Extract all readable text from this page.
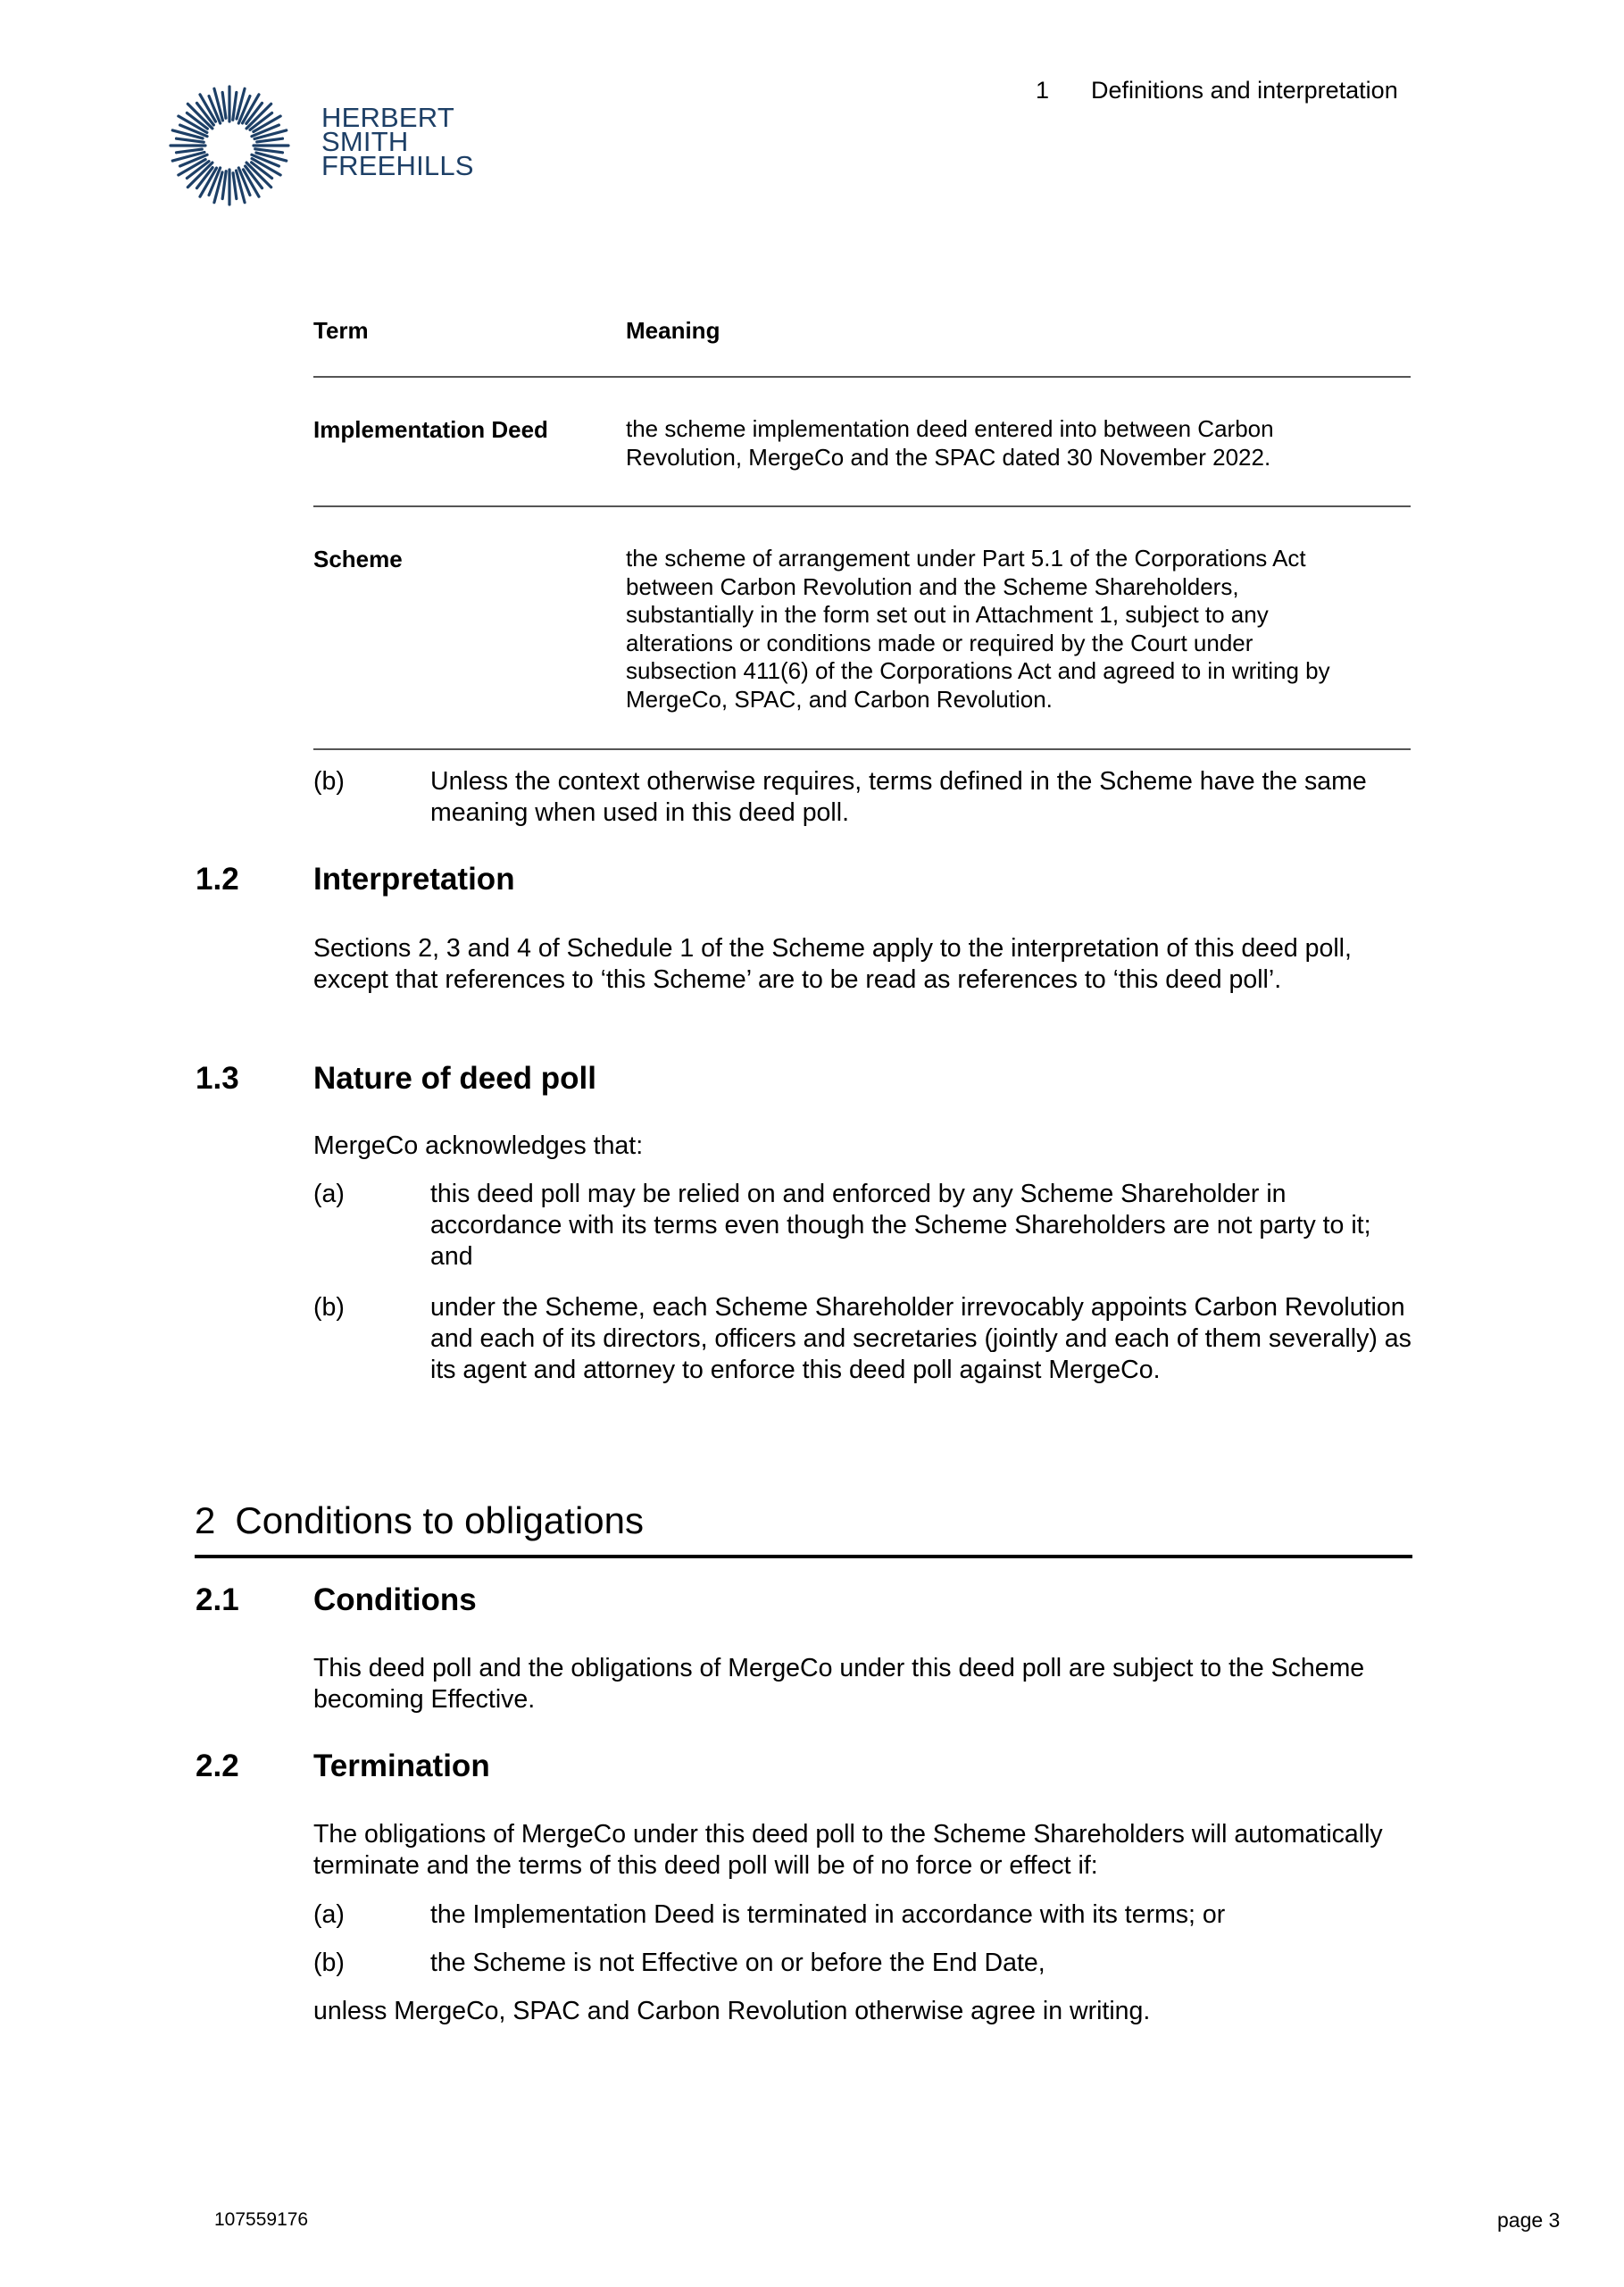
HERBERT
SMITH
FREEHILLS
1 Definitions and interpretation
Term	Meaning
Implementation Deed	the scheme implementation deed entered into between Carbon Revolution, MergeCo and the SPAC dated 30 November 2022.
Scheme	the scheme of arrangement under Part 5.1 of the Corporations Act between Carbon Revolution and the Scheme Shareholders, substantially in the form set out in Attachment 1, subject to any alterations or conditions made or required by the Court under subsection 411(6) of the Corporations Act and agreed to in writing by MergeCo, SPAC, and Carbon Revolution.
(b)	Unless the context otherwise requires, terms defined in the Scheme have the same meaning when used in this deed poll.
1.2 Interpretation
Sections 2, 3 and 4 of Schedule 1 of the Scheme apply to the interpretation of this deed poll, except that references to ‘this Scheme’ are to be read as references to ‘this deed poll’.
1.3 Nature of deed poll
MergeCo acknowledges that:
(a)	this deed poll may be relied on and enforced by any Scheme Shareholder in accordance with its terms even though the Scheme Shareholders are not party to it; and
(b)	under the Scheme, each Scheme Shareholder irrevocably appoints Carbon Revolution and each of its directors, officers and secretaries (jointly and each of them severally) as its agent and attorney to enforce this deed poll against MergeCo.
2 Conditions to obligations
2.1 Conditions
This deed poll and the obligations of MergeCo under this deed poll are subject to the Scheme becoming Effective.
2.2 Termination
The obligations of MergeCo under this deed poll to the Scheme Shareholders will automatically terminate and the terms of this deed poll will be of no force or effect if:
(a)	the Implementation Deed is terminated in accordance with its terms; or
(b)	the Scheme is not Effective on or before the End Date,
unless MergeCo, SPAC and Carbon Revolution otherwise agree in writing.
107559176	page 3
